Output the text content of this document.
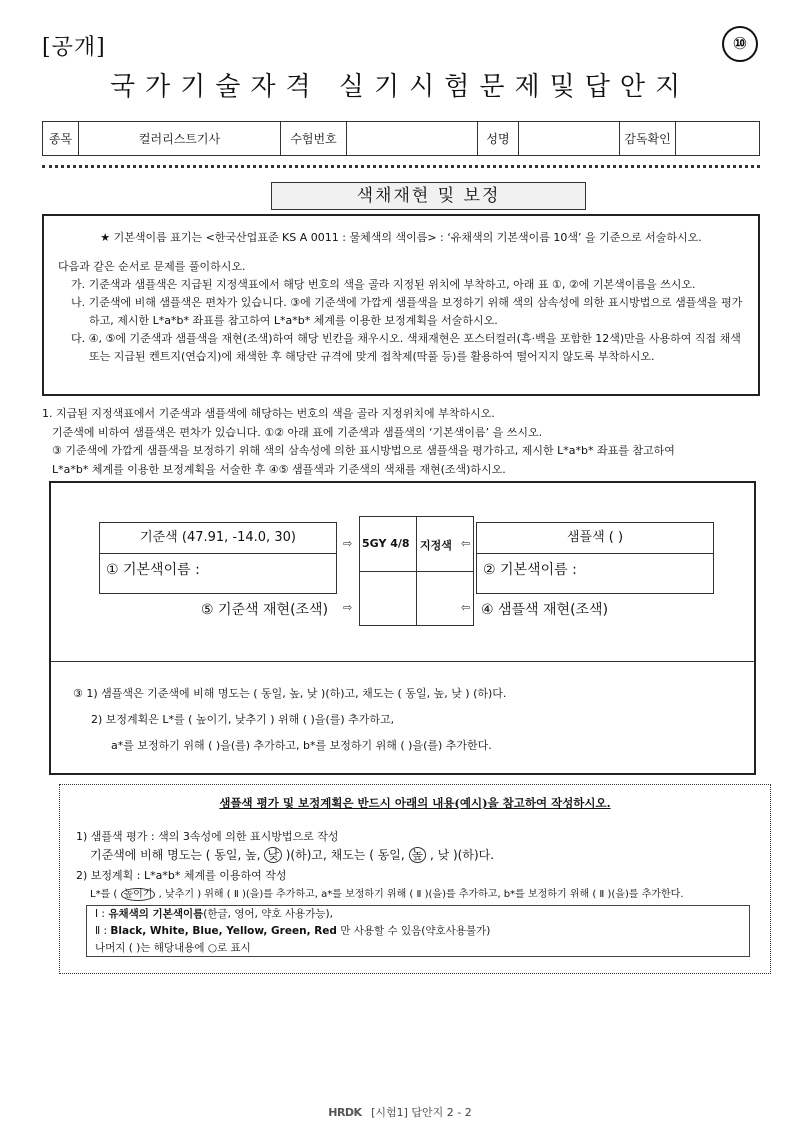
[공개]	⑩
국가기술자격 실기시험문제및답안지
종목	컬러리스트기사	수험번호		성명		감독확인	
색채재현 및 보정
★ 기본색이름 표기는 <한국산업표준 KS A 0011 : 물체색의 색이름> : ‘유채색의 기본색이름 10색’ 을 기준으로 서술하시오.
다음과 같은 순서로 문제를 풀이하시오.
가. 기준색과 샘플색은 지급된 지정색표에서 해당 번호의 색을 골라 지정된 위치에 부착하고, 아래 표 ①, ②에 기본색이름을 쓰시오.
나. 기준색에 비해 샘플색은 편차가 있습니다. ③에 기준색에 가깝게 샘플색을 보정하기 위해 색의 삼속성에 의한 표시방법으로 샘플색을 평가하고, 제시한 L*a*b* 좌표를 참고하여 L*a*b* 체계를 이용한 보정계획을 서술하시오.
다. ④, ⑤에 기준색과 샘플색을 재현(조색)하여 해당 빈칸을 채우시오. 색채재현은 포스터컬러(흑·백을 포함한 12색)만을 사용하여 직접 채색 또는 지급된 켄트지(연습지)에 채색한 후 해당란 규격에 맞게 접착제(딱풀 등)를 활용하여 떨어지지 않도록 부착하시오.
1. 지급된 지정색표에서 기준색과 샘플색에 해당하는 번호의 색을 골라 지정위치에 부착하시오.
기준색에 비하여 샘플색은 편차가 있습니다. ①② 아래 표에 기준색과 샘플색의 ‘기본색이름’ 을 쓰시오.
③ 기준색에 가깝게 샘플색을 보정하기 위해 색의 삼속성에 의한 표시방법으로 샘플색을 평가하고, 제시한 L*a*b* 좌표를 참고하여
L*a*b* 체계를 이용한 보정계획을 서술한 후 ④⑤ 샘플색과 기준색의 색채를 재현(조색)하시오.
기준색 (47.91, -14.0, 30)
① 기본색이름 :
샘플색 ( )
② 기본색이름 :
⇨	⇦
5GY 4/8 지정색
⑤ 기준색 재현(조색) ⇨	⇦ ④ 샘플색 재현(조색)
③ 1) 샘플색은 기준색에 비해 명도는 ( 동일, 높, 낮 )(하)고, 채도는 ( 동일, 높, 낮 ) (하)다.
2) 보정계획은 L*를 ( 높이기, 낮추기 ) 위해 ( )을(를) 추가하고,
a*를 보정하기 위해 ( )을(를) 추가하고, b*를 보정하기 위해 ( )을(를) 추가한다.
샘플색 평가 및 보정계획은 반드시 아래의 내용(예시)을 참고하여 작성하시오.
1) 샘플색 평가 : 색의 3속성에 의한 표시방법으로 작성
기준색에 비해 명도는 ( 동일, 높, 낮 )(하)고, 채도는 ( 동일, 높 , 낮 )(하)다.
2) 보정계획 : L*a*b* 체계를 이용하여 작성
L*를 ( 높이기 , 낮추기 ) 위해 ( Ⅱ )(을)를 추가하고, a*를 보정하기 위해 ( Ⅱ )(을)를 추가하고, b*를 보정하기 위해 ( Ⅱ )(을)를 추가한다.
Ⅰ : 유채색의 기본색이름(한글, 영어, 약호 사용가능),
Ⅱ : Black, White, Blue, Yellow, Green, Red 만 사용할 수 있음(약호사용불가)
나머지 ( )는 해당내용에 ○로 표시
HRDK [시험1] 답안지 2 - 2
